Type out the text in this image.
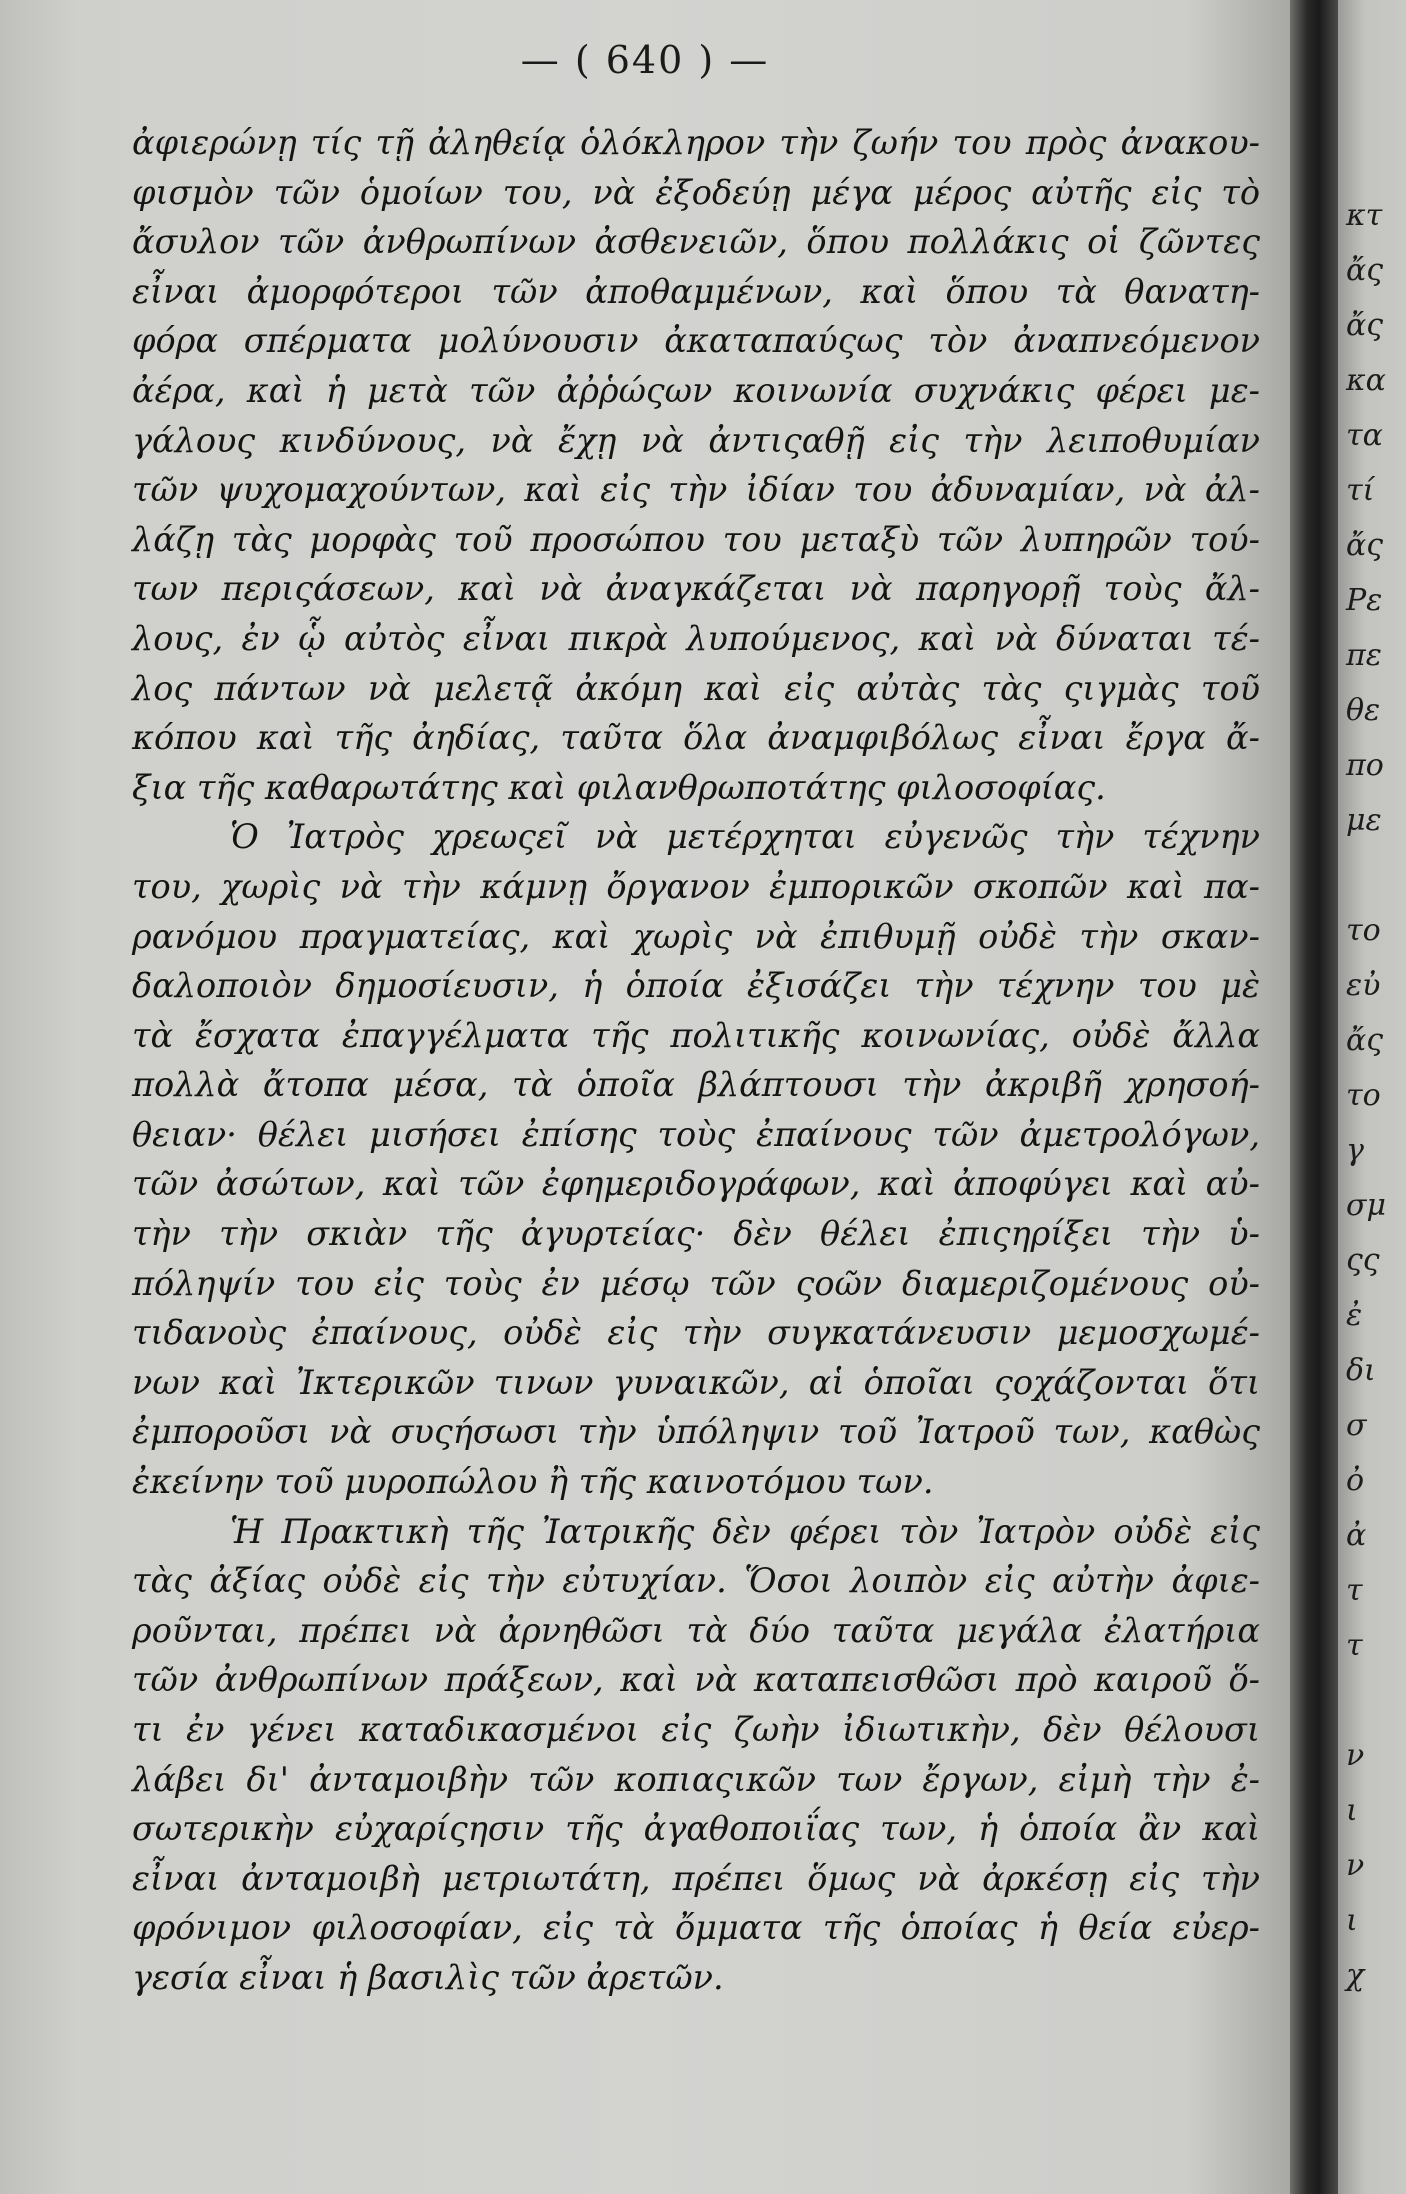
— ( 640 ) —
ἀφιερώνῃ τίς τῇ ἀληθείᾳ ὁλόκληρον τὴν ζωήν του πρὸς ἀνακου-
φισμὸν τῶν ὁμοίων του, νὰ ἐξοδεύῃ μέγα μέρος αὐτῆς εἰς τὸ
ἄσυλον τῶν ἀνθρωπίνων ἀσθενειῶν, ὅπου πολλάκις οἱ ζῶντες
εἶναι ἀμορφότεροι τῶν ἀποθαμμένων, καὶ ὅπου τὰ θανατη-
φόρα σπέρματα μολύνουσιν ἀκαταπαύςως τὸν ἀναπνεόμενον
ἀέρα, καὶ ἡ μετὰ τῶν ἀῤῥώςων κοινωνία συχνάκις φέρει με-
γάλους κινδύνους, νὰ ἔχῃ νὰ ἀντιςαθῇ εἰς τὴν λειποθυμίαν
τῶν ψυχομαχούντων, καὶ εἰς τὴν ἰδίαν του ἀδυναμίαν, νὰ ἀλ-
λάζῃ τὰς μορφὰς τοῦ προσώπου του μεταξὺ τῶν λυπηρῶν τού-
των περιςάσεων, καὶ νὰ ἀναγκάζεται νὰ παρηγορῇ τοὺς ἄλ-
λους, ἐν ᾧ αὐτὸς εἶναι πικρὰ λυπούμενος, καὶ νὰ δύναται τέ-
λος πάντων νὰ μελετᾷ ἀκόμη καὶ εἰς αὐτὰς τὰς ςιγμὰς τοῦ
κόπου καὶ τῆς ἀηδίας, ταῦτα ὅλα ἀναμφιβόλως εἶναι ἔργα ἄ-
ξια τῆς καθαρωτάτης καὶ φιλανθρωποτάτης φιλοσοφίας.
Ὁ Ἰατρὸς χρεωςεῖ νὰ μετέρχηται εὐγενῶς τὴν τέχνην
του, χωρὶς νὰ τὴν κάμνῃ ὄργανον ἐμπορικῶν σκοπῶν καὶ πα-
ρανόμου πραγματείας, καὶ χωρὶς νὰ ἐπιθυμῇ οὐδὲ τὴν σκαν-
δαλοποιὸν δημοσίευσιν, ἡ ὁποία ἐξισάζει τὴν τέχνην του μὲ
τὰ ἔσχατα ἐπαγγέλματα τῆς πολιτικῆς κοινωνίας, οὐδὲ ἄλλα
πολλὰ ἄτοπα μέσα, τὰ ὁποῖα βλάπτουσι τὴν ἀκριβῆ χρησοή-
θειαν· θέλει μισήσει ἐπίσης τοὺς ἐπαίνους τῶν ἀμετρολόγων,
τῶν ἀσώτων, καὶ τῶν ἐφημεριδογράφων, καὶ ἀποφύγει καὶ αὐ-
τὴν τὴν σκιὰν τῆς ἀγυρτείας· δὲν θέλει ἐπιςηρίξει τὴν ὑ-
πόληψίν του εἰς τοὺς ἐν μέσῳ τῶν ςοῶν διαμεριζομένους οὐ-
τιδανοὺς ἐπαίνους, οὐδὲ εἰς τὴν συγκατάνευσιν μεμοσχωμέ-
νων καὶ Ἰκτερικῶν τινων γυναικῶν, αἱ ὁποῖαι ςοχάζονται ὅτι
ἐμποροῦσι νὰ συςήσωσι τὴν ὑπόληψιν τοῦ Ἰατροῦ των, καθὼς
ἐκείνην τοῦ μυροπώλου ἢ τῆς καινοτόμου των.
Ἡ Πρακτικὴ τῆς Ἰατρικῆς δὲν φέρει τὸν Ἰατρὸν οὐδὲ εἰς
τὰς ἀξίας οὐδὲ εἰς τὴν εὐτυχίαν. Ὅσοι λοιπὸν εἰς αὐτὴν ἀφιε-
ροῦνται, πρέπει νὰ ἀρνηθῶσι τὰ δύο ταῦτα μεγάλα ἐλατήρια
τῶν ἀνθρωπίνων πράξεων, καὶ νὰ καταπεισθῶσι πρὸ καιροῦ ὅ-
τι ἐν γένει καταδικασμένοι εἰς ζωὴν ἰδιωτικὴν, δὲν θέλουσι
λάβει δι' ἀνταμοιβὴν τῶν κοπιαςικῶν των ἔργων, εἰμὴ τὴν ἐ-
σωτερικὴν εὐχαρίςησιν τῆς ἀγαθοποιΐας των, ἡ ὁποία ἂν καὶ
εἶναι ἀνταμοιβὴ μετριωτάτη, πρέπει ὅμως νὰ ἀρκέσῃ εἰς τὴν
φρόνιμον φιλοσοφίαν, εἰς τὰ ὄμματα τῆς ὁποίας ἡ θεία εὐερ-
γεσία εἶναι ἡ βασιλὶς τῶν ἀρετῶν.
κτ
ἄς
ἄς
κα
τα
τί
ἄς
Ρε
πε
θε
πο
με
το
εὐ
ἄς
το
γ
σμ
ςς
ἐ
δι
σ
ὀ
ἀ
τ
τ
ν
ι
ν
ι
χ
